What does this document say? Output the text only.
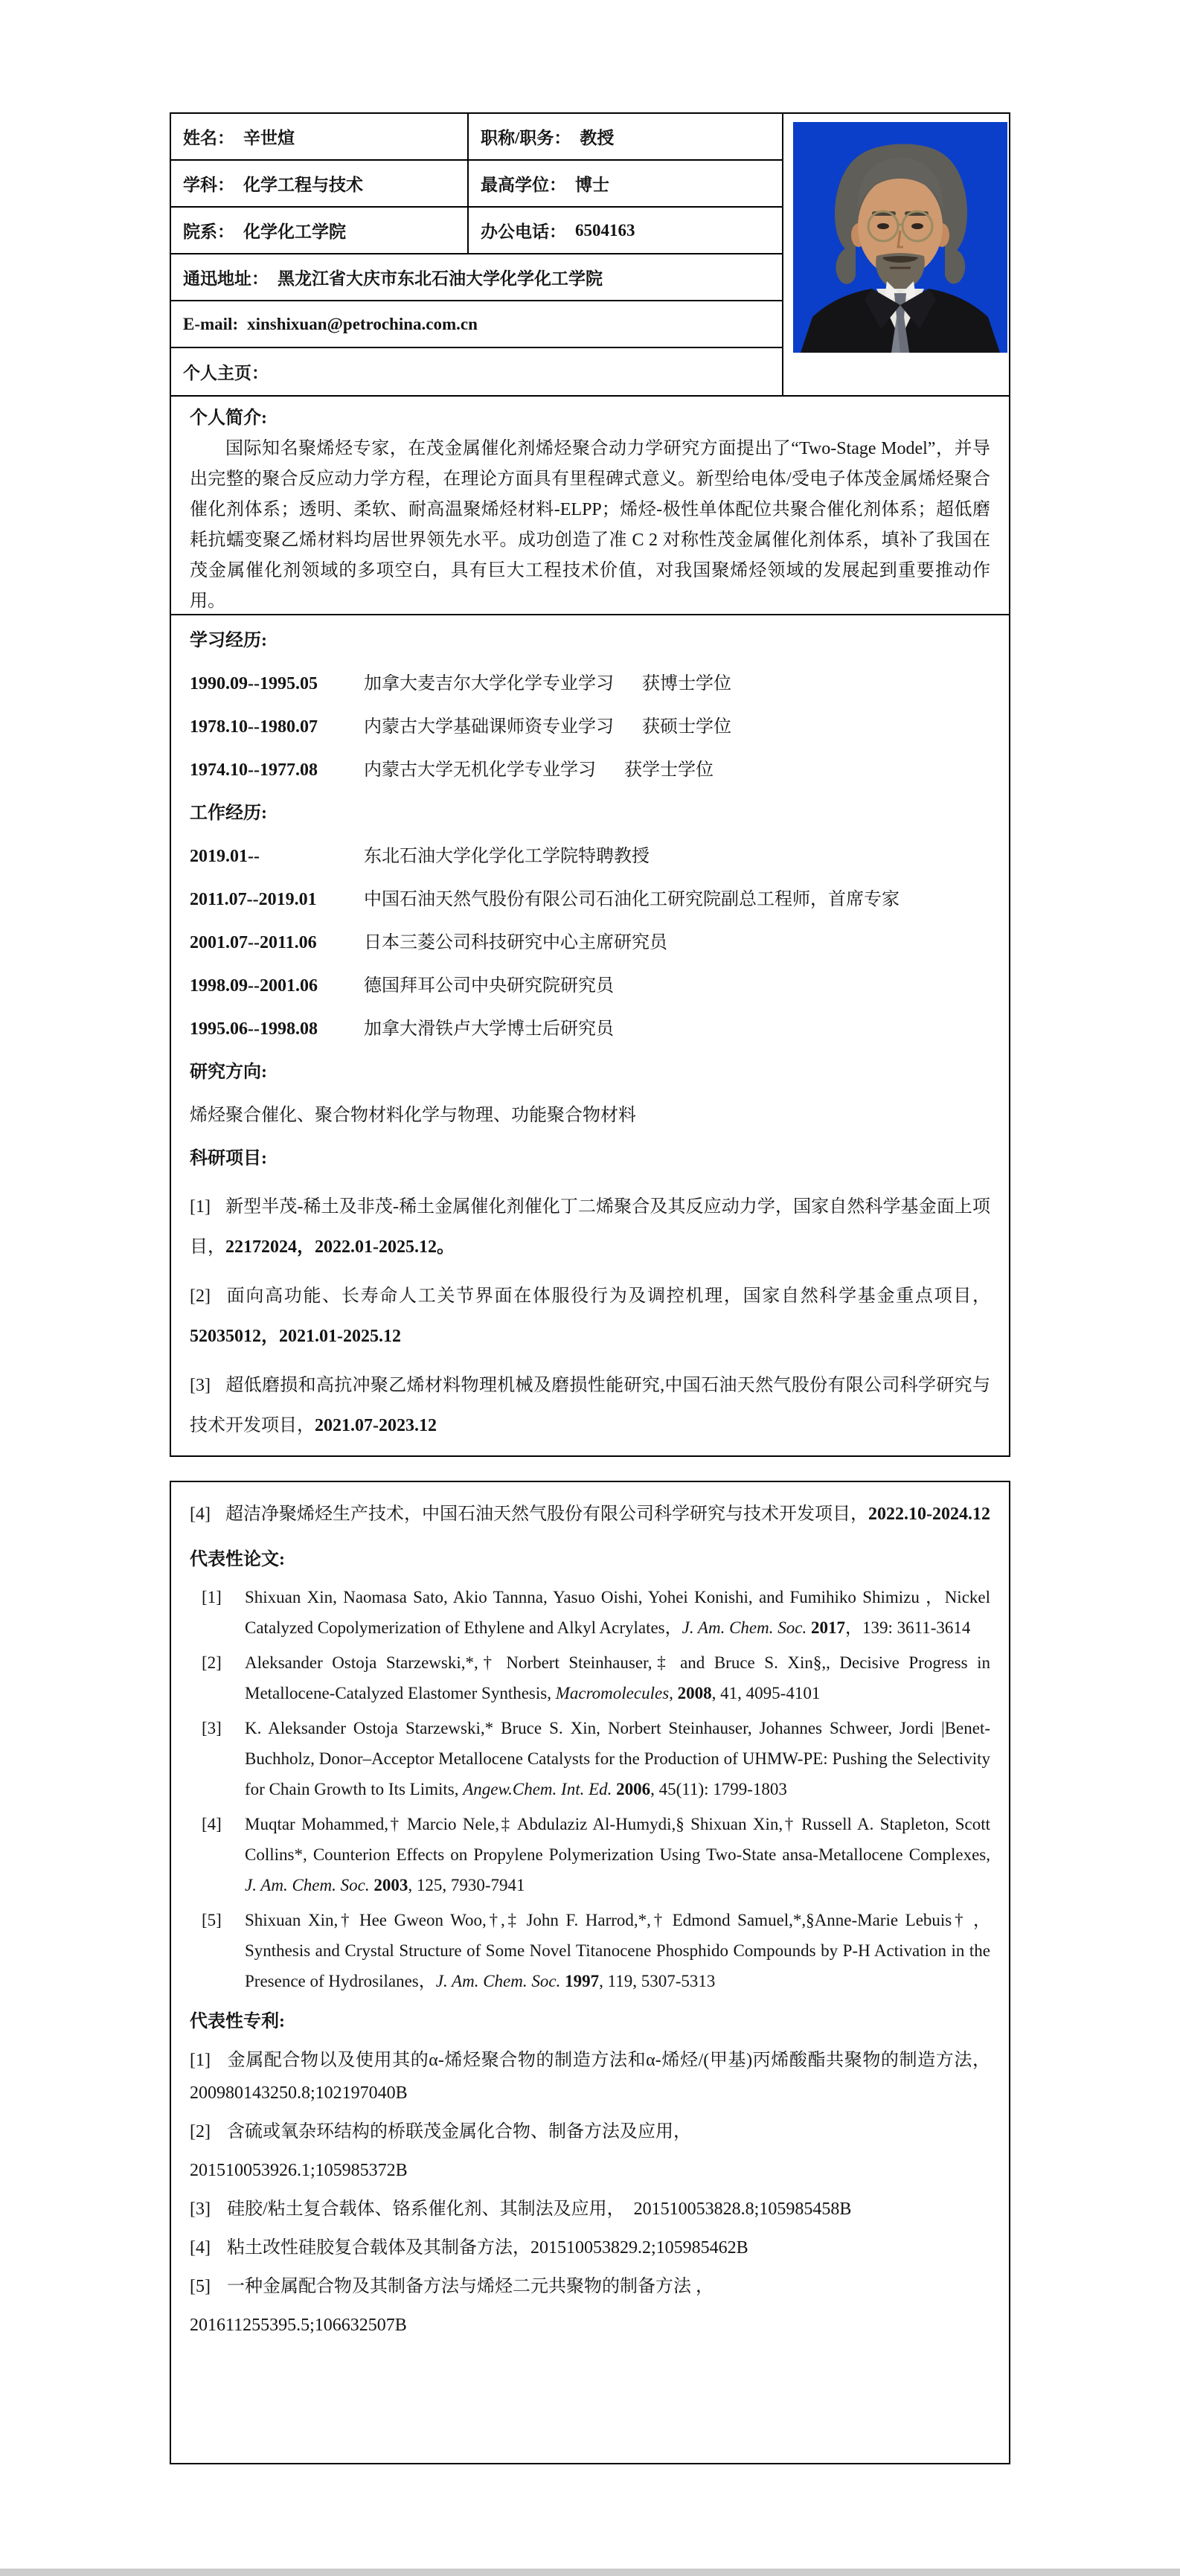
姓名： 辛世煊	职称/职务： 教授
学科： 化学工程与技术	最高学位： 博士
院系： 化学化工学院	办公电话： 6504163
通迅地址： 黑龙江省大庆市东北石油大学化学化工学院
E-mail: xinshixuan@petrochina.com.cn
个人主页：
个人简介:

国际知名聚烯烃专家，在茂金属催化剂烯烃聚合动力学研究方面提出了“Two-Stage Model”，并导出完整的聚合反应动力学方程，在理论方面具有里程碑式意义。新型给电体/受电子体茂金属烯烃聚合催化剂体系；透明、柔软、耐高温聚烯烃材料-ELPP；烯烃-极性单体配位共聚合催化剂体系；超低磨耗抗蠕变聚乙烯材料均居世界领先水平。成功创造了准 C 2 对称性茂金属催化剂体系，填补了我国在茂金属催化剂领域的多项空白，具有巨大工程技术价值，对我国聚烯烃领域的发展起到重要推动作用。

学习经历:
1990.09--1995.05	加拿大麦吉尔大学化学专业学习 获博士学位
1978.10--1980.07	内蒙古大学基础课师资专业学习 获硕士学位
1974.10--1977.08	内蒙古大学无机化学专业学习 获学士学位
工作经历:
2019.01--	东北石油大学化学化工学院特聘教授
2011.07--2019.01	中国石油天然气股份有限公司石油化工研究院副总工程师，首席专家
2001.07--2011.06	日本三菱公司科技研究中心主席研究员
1998.09--2001.06	德国拜耳公司中央研究院研究员
1995.06--1998.08	加拿大滑铁卢大学博士后研究员
研究方向:
烯烃聚合催化、聚合物材料化学与物理、功能聚合物材料
科研项目:
[1] 新型半茂-稀土及非茂-稀土金属催化剂催化丁二烯聚合及其反应动力学，国家自然科学基金面上项目，22172024，2022.01-2025.12。
[2] 面向高功能、长寿命人工关节界面在体服役行为及调控机理，国家自然科学基金重点项目，52035012，2021.01-2025.12
[3] 超低磨损和高抗冲聚乙烯材料物理机械及磨损性能研究,中国石油天然气股份有限公司科学研究与技术开发项目，2021.07-2023.12
[4] 超洁净聚烯烃生产技术，中国石油天然气股份有限公司科学研究与技术开发项目，2022.10-2024.12
代表性论文:
[1] Shixuan Xin, Naomasa Sato, Akio Tannna, Yasuo Oishi, Yohei Konishi, and Fumihiko Shimizu ，Nickel Catalyzed Copolymerization of Ethylene and Alkyl Acrylates，J. Am. Chem. Soc. 2017，139: 3611-3614
[2] Aleksander Ostoja Starzewski,*,† Norbert Steinhauser,‡ and Bruce S. Xin§,, Decisive Progress in Metallocene-Catalyzed Elastomer Synthesis, Macromolecules, 2008, 41, 4095-4101
[3] K. Aleksander Ostoja Starzewski,* Bruce S. Xin, Norbert Steinhauser, Johannes Schweer, Jordi |Benet-Buchholz, Donor–Acceptor Metallocene Catalysts for the Production of UHMW-PE: Pushing the Selectivity for Chain Growth to Its Limits, Angew.Chem. Int. Ed. 2006, 45(11): 1799-1803
[4] Muqtar Mohammed,† Marcio Nele,‡ Abdulaziz Al-Humydi,§ Shixuan Xin,† Russell A. Stapleton, Scott Collins*, Counterion Effects on Propylene Polymerization Using Two-State ansa-Metallocene Complexes, J. Am. Chem. Soc. 2003, 125, 7930-7941
[5] Shixuan Xin,† Hee Gweon Woo,†,‡ John F. Harrod,*,† Edmond Samuel,*,§Anne-Marie Lebuis† ， Synthesis and Crystal Structure of Some Novel Titanocene Phosphido Compounds by P-H Activation in the Presence of Hydrosilanes，J. Am. Chem. Soc. 1997, 119, 5307-5313
代表性专利:
[1] 金属配合物以及使用其的α-烯烃聚合物的制造方法和α-烯烃/(甲基)丙烯酸酯共聚物的制造方法，200980143250.8;102197040B
[2] 含硫或氧杂环结构的桥联茂金属化合物、制备方法及应用，
201510053926.1;105985372B
[3] 硅胶/粘土复合载体、铬系催化剂、其制法及应用，　201510053828.8;105985458B
[4] 粘土改性硅胶复合载体及其制备方法，201510053829.2;105985462B
[5] 一种金属配合物及其制备方法与烯烃二元共聚物的制备方法 ，
201611255395.5;106632507B
